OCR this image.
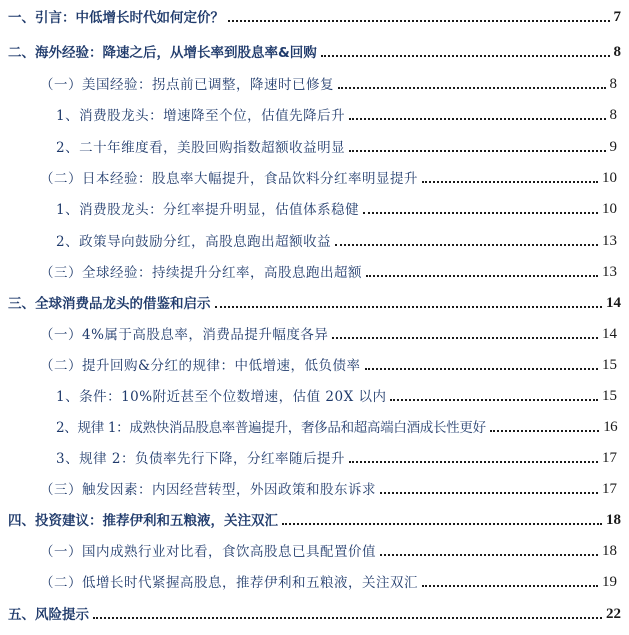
一、引言：中低增长时代如何定价？	7
二、海外经验：降速之后，从增长率到股息率&回购	8
（一）美国经验：拐点前已调整，降速时已修复	8
1、消费股龙头：增速降至个位，估值先降后升	8
2、二十年维度看，美股回购指数超额收益明显	9
（二）日本经验：股息率大幅提升，食品饮料分红率明显提升	10
1、消费股龙头：分红率提升明显，估值体系稳健	10
2、政策导向鼓励分红，高股息跑出超额收益	13
（三）全球经验：持续提升分红率，高股息跑出超额	13
三、全球消费品龙头的借鉴和启示	14
（一）4%属于高股息率，消费品提升幅度各异	14
（二）提升回购&分红的规律：中低增速，低负债率	15
1、条件：10%附近甚至个位数增速，估值 20X 以内	15
2、规律 1：成熟快消品股息率普遍提升，奢侈品和超高端白酒成长性更好	16
3、规律 2：负债率先行下降，分红率随后提升	17
（三）触发因素：内因经营转型，外因政策和股东诉求	17
四、投资建议：推荐伊利和五粮液，关注双汇	18
（一）国内成熟行业对比看，食饮高股息已具配置价值	18
（二）低增长时代紧握高股息，推荐伊利和五粮液，关注双汇	19
五、风险提示	22
